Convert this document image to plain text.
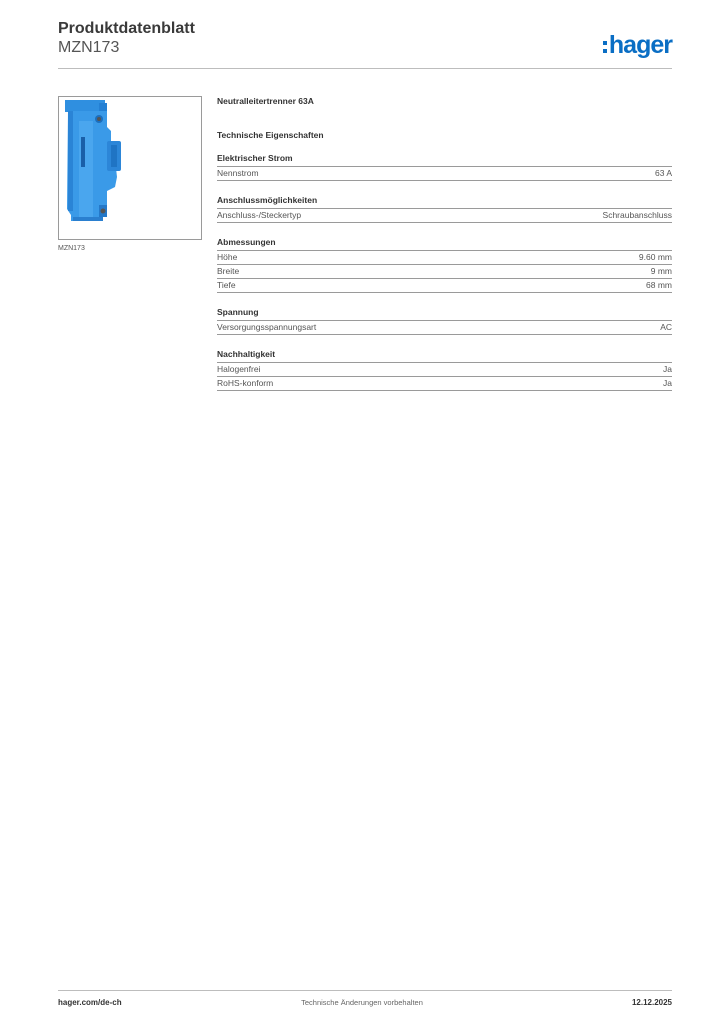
Produktdatenblatt
MZN173	hager
MZN173
Neutralleitertrenner 63A
Technische Eigenschaften
Elektrischer Strom
Nennstrom	63 A
Anschlussmöglichkeiten
Anschluss-/Steckertyp	Schraubanschluss
Abmessungen
Höhe	9.60 mm
Breite	9 mm
Tiefe	68 mm
Spannung
Versorgungsspannungsart	AC
Nachhaltigkeit
Halogenfrei	Ja
RoHS-konform	Ja
hager.com/de-ch	Technische Änderungen vorbehalten	12.12.2025
